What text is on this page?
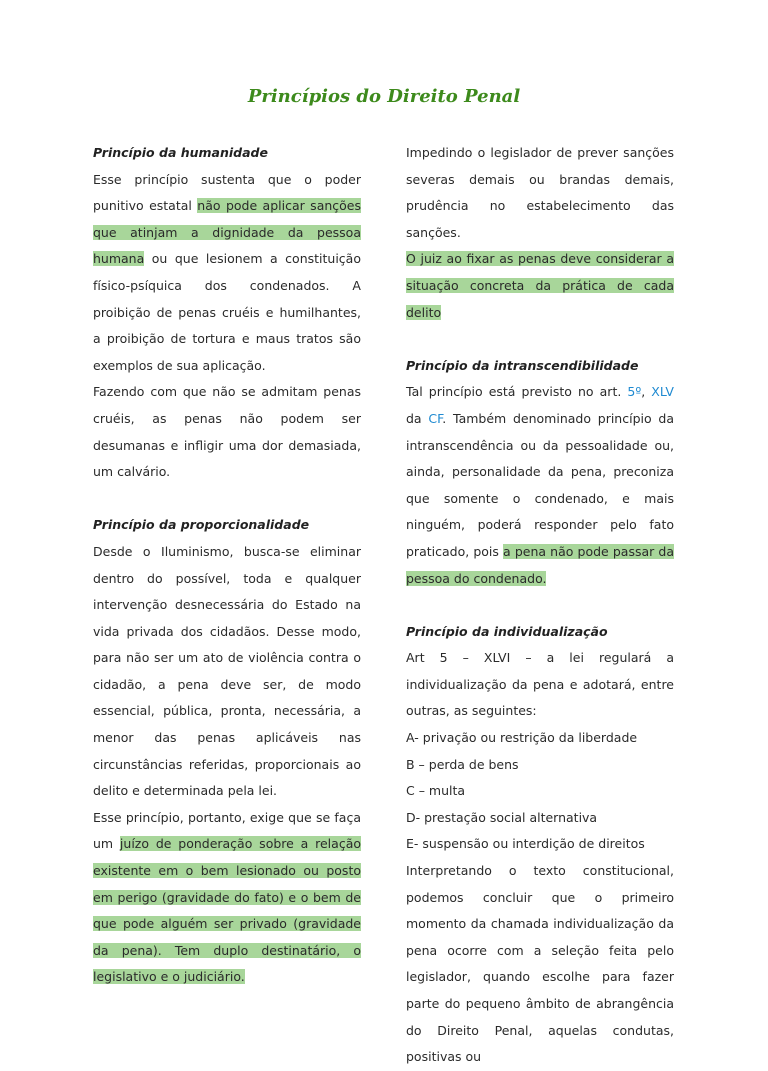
Princípios do Direito Penal

Princípio da humanidade

Esse princípio sustenta que o poder punitivo estatal não pode aplicar sanções que atinjam a dignidade da pessoa humana ou que lesionem a constituição físico-psíquica dos condenados. A proibição de penas cruéis e humilhantes, a proibição de tortura e maus tratos são exemplos de sua aplicação.

Fazendo com que não se admitam penas cruéis, as penas não podem ser desumanas e infligir uma dor demasiada, um calvário.

Princípio da proporcionalidade

Desde o Iluminismo, busca-se eliminar dentro do possível, toda e qualquer intervenção desnecessária do Estado na vida privada dos cidadãos. Desse modo, para não ser um ato de violência contra o cidadão, a pena deve ser, de modo essencial, pública, pronta, necessária, a menor das penas aplicáveis nas circunstâncias referidas, proporcionais ao delito e determinada pela lei.

Esse princípio, portanto, exige que se faça um juízo de ponderação sobre a relação existente em o bem lesionado ou posto em perigo (gravidade do fato) e o bem de que pode alguém ser privado (gravidade da pena). Tem duplo destinatário, o legislativo e o judiciário.

Impedindo o legislador de prever sanções severas demais ou brandas demais, prudência no estabelecimento das sanções.

O juiz ao fixar as penas deve considerar a situação concreta da prática de cada delito

Princípio da intranscendibilidade

Tal princípio está previsto no art. 5º, XLV da CF. Também denominado princípio da intranscendência ou da pessoalidade ou, ainda, personalidade da pena, preconiza que somente o condenado, e mais ninguém, poderá responder pelo fato praticado, pois a pena não pode passar da pessoa do condenado.

Princípio da individualização

Art 5 – XLVI – a lei regulará a individualização da pena e adotará, entre outras, as seguintes:

A- privação ou restrição da liberdade

B – perda de bens

C – multa

D- prestação social alternativa

E- suspensão ou interdição de direitos

Interpretando o texto constitucional, podemos concluir que o primeiro momento da chamada individualização da pena ocorre com a seleção feita pelo legislador, quando escolhe para fazer parte do pequeno âmbito de abrangência do Direito Penal, aquelas condutas, positivas ou
